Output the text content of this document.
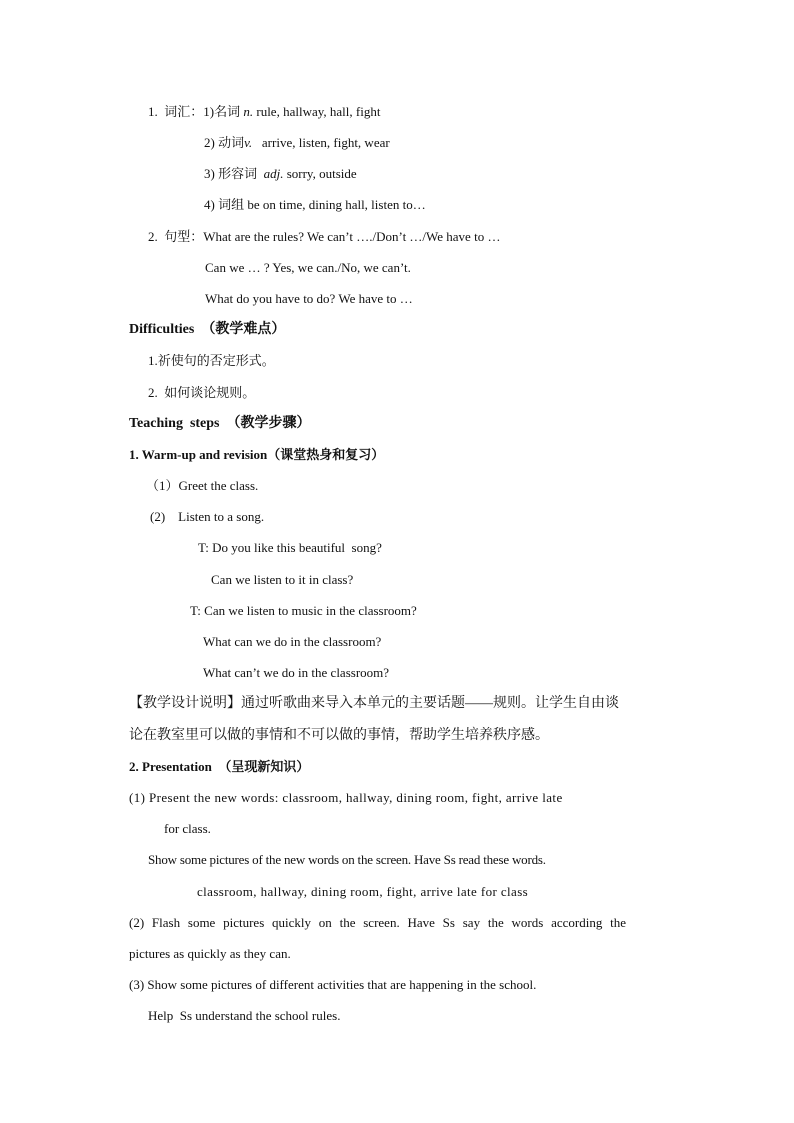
1. 词汇：1)名词 n. rule, hallway, hall, fight
2) 动词v.   arrive, listen, fight, wear
3) 形容词  adj. sorry, outside
4) 词组 be on time, dining hall, listen to…
2. 句型：What are the rules? We can’t …./Don’t …/We have to …
Can we … ? Yes, we can./No, we can’t.
What do you have to do? We have to …
Difficulties （教学难点）
1.祈使句的否定形式。
2.  如何谈论规则。
Teaching  steps （教学步骤）
1. Warm-up and revision（课堂热身和复习）
（1）Greet the class.
(2)    Listen to a song.
T: Do you like this beautiful  song?
Can we listen to it in class?
T: Can we listen to music in the classroom?
What can we do in the classroom?
What can’t we do in the classroom?
【教学设计说明】通过听歌曲来导入本单元的主要话题——规则。让学生自由谈
论在教室里可以做的事情和不可以做的事情，帮助学生培养秩序感。
2. Presentation （呈现新知识）
(1) Present the new words: classroom, hallway, dining room, fight, arrive late
for class.
Show some pictures of the new words on the screen. Have Ss read these words.
classroom, hallway, dining room, fight, arrive late for class
(2) Flash some pictures quickly on the screen. Have Ss say the words according the
pictures as quickly as they can.
(3) Show some pictures of different activities that are happening in the school.
Help  Ss understand the school rules.
